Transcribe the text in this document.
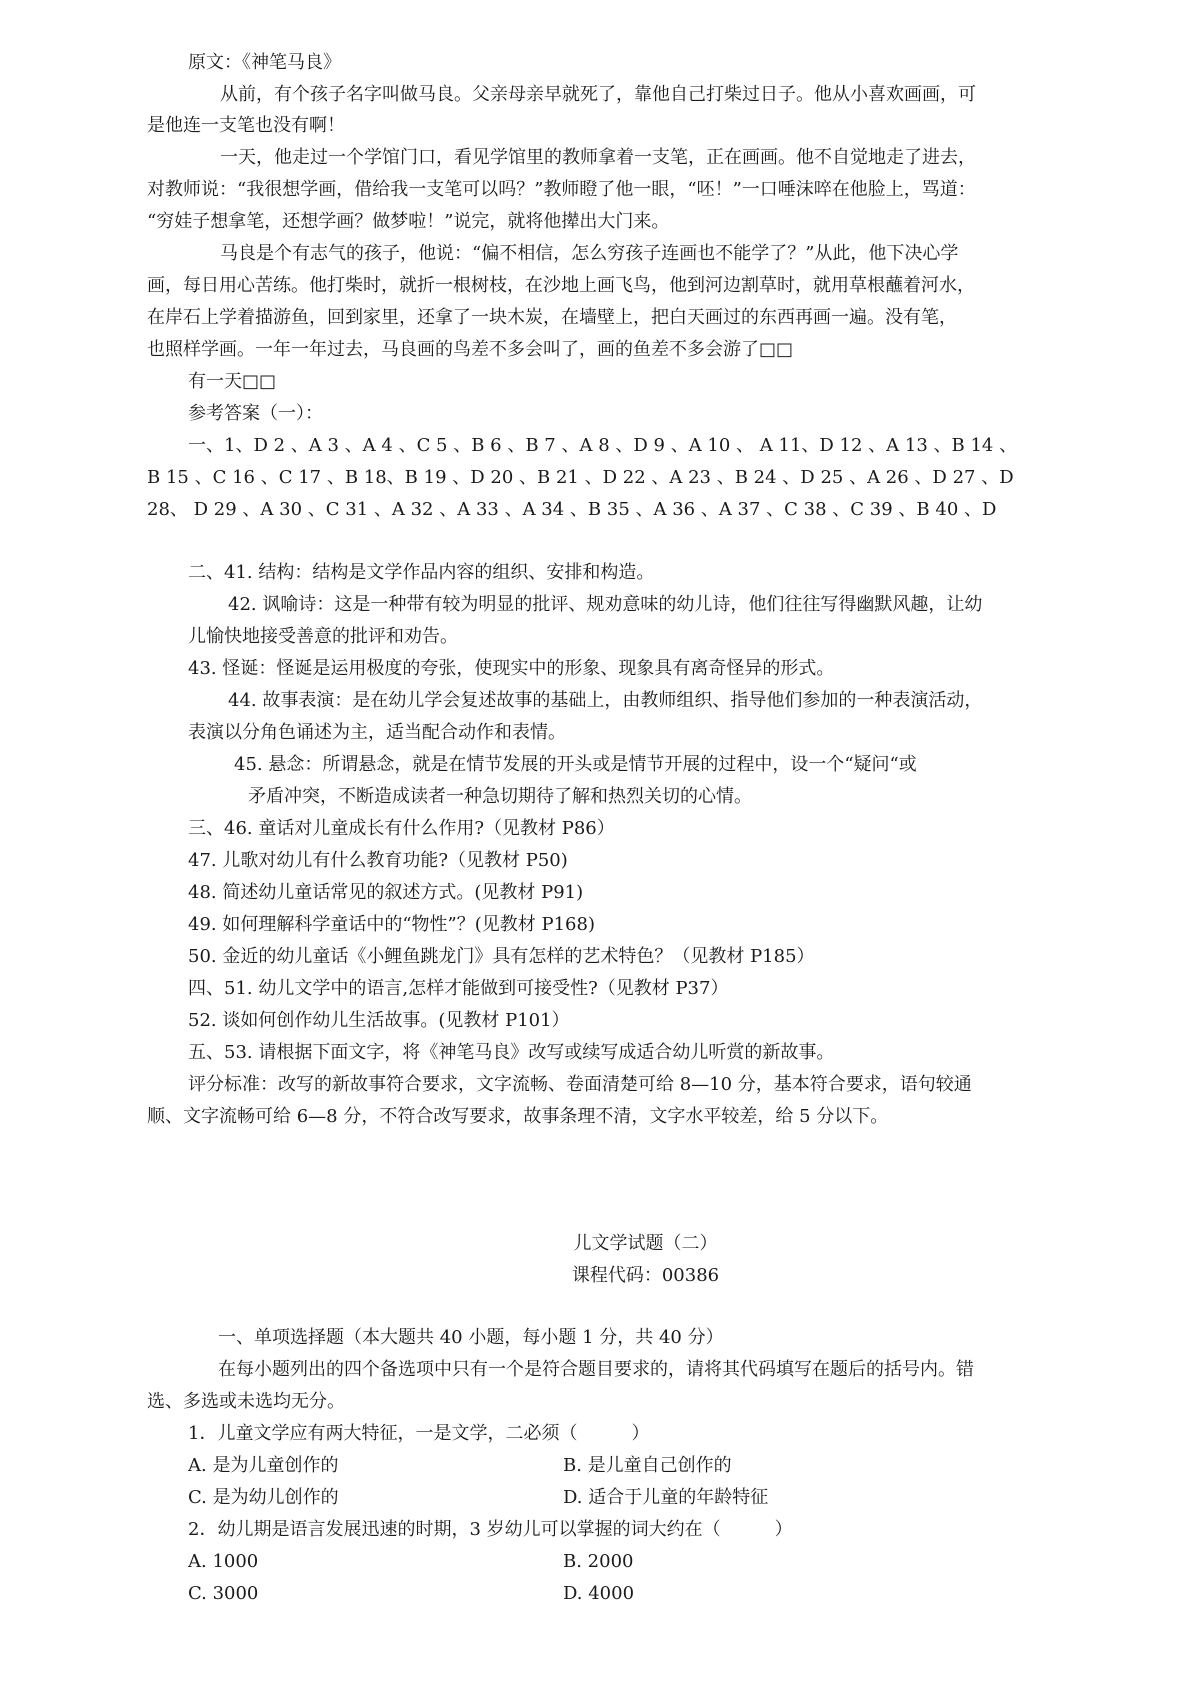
原文：《神笔马良》
从前，有个孩子名字叫做马良。父亲母亲早就死了，靠他自己打柴过日子。他从小喜欢画画，可
是他连一支笔也没有啊！
一天，他走过一个学馆门口，看见学馆里的教师拿着一支笔，正在画画。他不自觉地走了进去，
对教师说：“我很想学画，借给我一支笔可以吗？”教师瞪了他一眼，“呸！”一口唾沫啐在他脸上，骂道：
“穷娃子想拿笔，还想学画？做梦啦！”说完，就将他撵出大门来。
马良是个有志气的孩子，他说：“偏不相信，怎么穷孩子连画也不能学了？”从此，他下决心学
画，每日用心苦练。他打柴时，就折一根树枝，在沙地上画飞鸟，他到河边割草时，就用草根蘸着河水，
在岸石上学着描游鱼，回到家里，还拿了一块木炭，在墙壁上，把白天画过的东西再画一遍。没有笔，
也照样学画。一年一年过去，马良画的鸟差不多会叫了，画的鱼差不多会游了□□
有一天□□
参考答案（一）：
一、1、D 2 、A 3 、A 4 、C 5 、B 6 、B 7 、A 8 、D 9 、A 10 、 A 11、D 12 、A 13 、B 14 、
B 15 、C 16 、C 17 、B 18、B 19 、D 20 、B 21 、D 22 、A 23 、B 24 、D 25 、A 26 、D 27 、D
28、 D 29 、A 30 、C 31 、A 32 、A 33 、A 34 、B 35 、A 36 、A 37 、C 38 、C 39 、B 40 、D
二、41. 结构：结构是文学作品内容的组织、安排和构造。
42. 讽喻诗：这是一种带有较为明显的批评、规劝意味的幼儿诗，他们往往写得幽默风趣，让幼
儿愉快地接受善意的批评和劝告。
43. 怪诞：怪诞是运用极度的夸张，使现实中的形象、现象具有离奇怪异的形式。
44. 故事表演：是在幼儿学会复述故事的基础上，由教师组织、指导他们参加的一种表演活动，
表演以分角色诵述为主，适当配合动作和表情。
45. 悬念：所谓悬念，就是在情节发展的开头或是情节开展的过程中，设一个“疑问“或
矛盾冲突，不断造成读者一种急切期待了解和热烈关切的心情。
三、46. 童话对儿童成长有什么作用?（见教材 P86）
47. 儿歌对幼儿有什么教育功能?（见教材 P50)
48. 简述幼儿童话常见的叙述方式。(见教材 P91)
49. 如何理解科学童话中的“物性”？(见教材 P168)
50. 金近的幼儿童话《小鲤鱼跳龙门》具有怎样的艺术特色？（见教材 P185）
四、51. 幼儿文学中的语言,怎样才能做到可接受性?（见教材 P37）
52. 谈如何创作幼儿生活故事。(见教材 P101）
五、53. 请根据下面文字，将《神笔马良》改写或续写成适合幼儿听赏的新故事。
评分标准：改写的新故事符合要求，文字流畅、卷面清楚可给 8—10 分，基本符合要求，语句较通
顺、文字流畅可给 6—8 分，不符合改写要求，故事条理不清，文字水平较差，给 5 分以下。
儿文学试题（二）
课程代码：00386
一、单项选择题（本大题共 40 小题，每小题 1 分，共 40 分）
在每小题列出的四个备选项中只有一个是符合题目要求的，请将其代码填写在题后的括号内。错
选、多选或未选均无分。
1．儿童文学应有两大特征，一是文学，二必须（　　　）
A. 是为儿童创作的	B. 是儿童自己创作的
C. 是为幼儿创作的	D. 适合于儿童的年龄特征
2．幼儿期是语言发展迅速的时期，3 岁幼儿可以掌握的词大约在（　　　）
A. 1000	B. 2000
C. 3000	D. 4000
